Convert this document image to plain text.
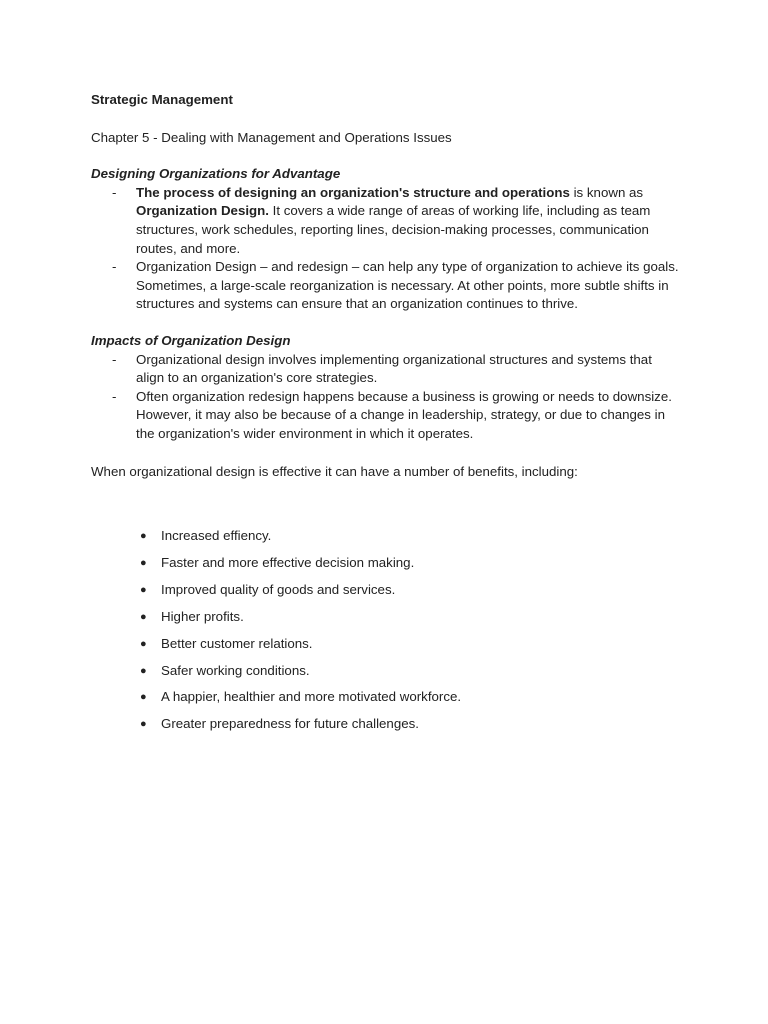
Strategic Management

Chapter 5 - Dealing with Management and Operations Issues

Designing Organizations for Advantage

- The process of designing an organization's structure and operations is known as Organization Design. It covers a wide range of areas of working life, including as team structures, work schedules, reporting lines, decision-making processes, communication routes, and more.
- Organization Design – and redesign – can help any type of organization to achieve its goals. Sometimes, a large-scale reorganization is necessary. At other points, more subtle shifts in structures and systems can ensure that an organization continues to thrive.

Impacts of Organization Design

- Organizational design involves implementing organizational structures and systems that align to an organization's core strategies.
- Often organization redesign happens because a business is growing or needs to downsize. However, it may also be because of a change in leadership, strategy, or due to changes in the organization's wider environment in which it operates.

When organizational design is effective it can have a number of benefits, including:

● Increased effiency.
● Faster and more effective decision making.
● Improved quality of goods and services.
● Higher profits.
● Better customer relations.
● Safer working conditions.
● A happier, healthier and more motivated workforce.
● Greater preparedness for future challenges.
